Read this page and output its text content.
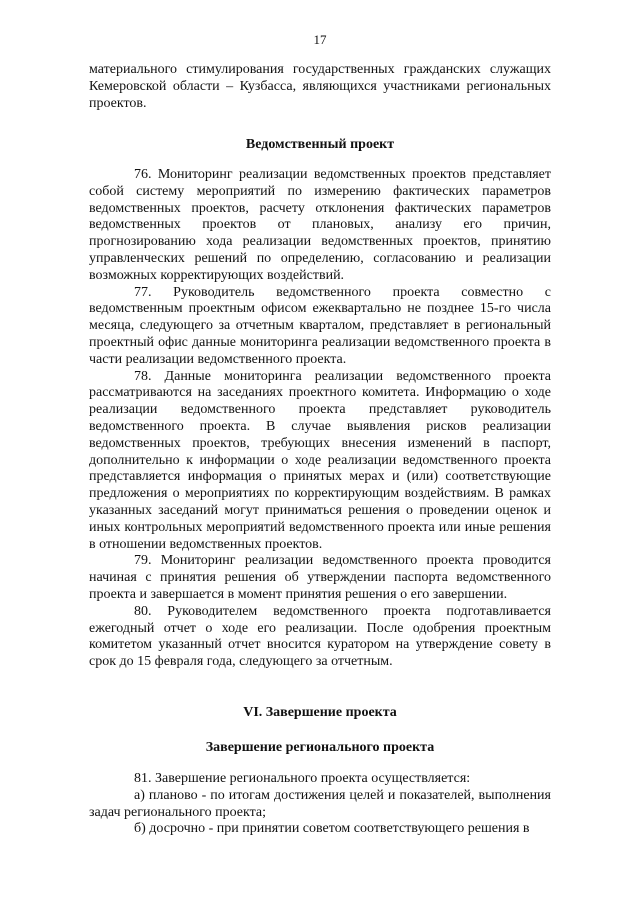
17

материального стимулирования государственных гражданских служащих Кемеровской области – Кузбасса, являющихся участниками региональных проектов.

Ведомственный проект

76. Мониторинг реализации ведомственных проектов представляет собой систему мероприятий по измерению фактических параметров ведомственных проектов, расчету отклонения фактических параметров ведомственных проектов от плановых, анализу его причин, прогнозированию хода реализации ведомственных проектов, принятию управленческих решений по определению, согласованию и реализации возможных корректирующих воздействий.

77. Руководитель ведомственного проекта совместно с ведомственным проектным офисом ежеквартально не позднее 15-го числа месяца, следующего за отчетным кварталом, представляет в региональный проектный офис данные мониторинга реализации ведомственного проекта в части реализации ведомственного проекта.

78. Данные мониторинга реализации ведомственного проекта рассматриваются на заседаниях проектного комитета. Информацию о ходе реализации ведомственного проекта представляет руководитель ведомственного проекта. В случае выявления рисков реализации ведомственных проектов, требующих внесения изменений в паспорт, дополнительно к информации о ходе реализации ведомственного проекта представляется информация о принятых мерах и (или) соответствующие предложения о мероприятиях по корректирующим воздействиям. В рамках указанных заседаний могут приниматься решения о проведении оценок и иных контрольных мероприятий ведомственного проекта или иные решения в отношении ведомственных проектов.

79. Мониторинг реализации ведомственного проекта проводится начиная с принятия решения об утверждении паспорта ведомственного проекта и завершается в момент принятия решения о его завершении.

80. Руководителем ведомственного проекта подготавливается ежегодный отчет о ходе его реализации. После одобрения проектным комитетом указанный отчет вносится куратором на утверждение совету в срок до 15 февраля года, следующего за отчетным.

VI. Завершение проекта
Завершение регионального проекта

81. Завершение регионального проекта осуществляется:

а) планово - по итогам достижения целей и показателей, выполнения задач регионального проекта;

б) досрочно - при принятии советом соответствующего решения в
